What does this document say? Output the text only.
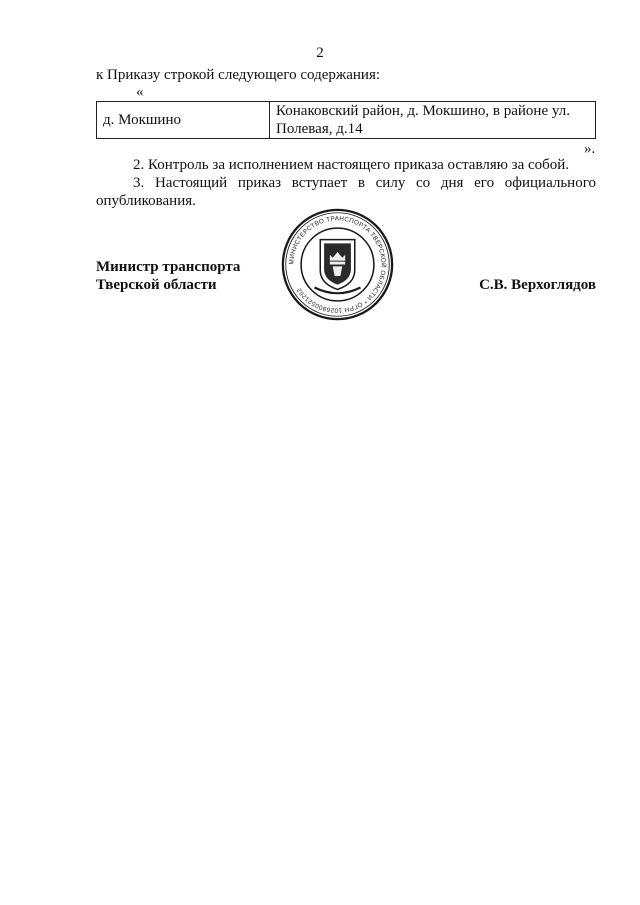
2
к Приказу строкой следующего содержания:
«
д. Мокшино	Конаковский район, д. Мокшино, в районе ул. Полевая, д.14
».
2. Контроль за исполнением настоящего приказа оставляю за собой.
3. Настоящий приказ вступает в силу со дня его официального опубликования.
Министр транспорта
Тверской области	С.В. Верхоглядов
МИНИСТЕРСТВО ТРАНСПОРТА ТВЕРСКОЙ ОБЛАСТИ * ОГРН 1026900521262
